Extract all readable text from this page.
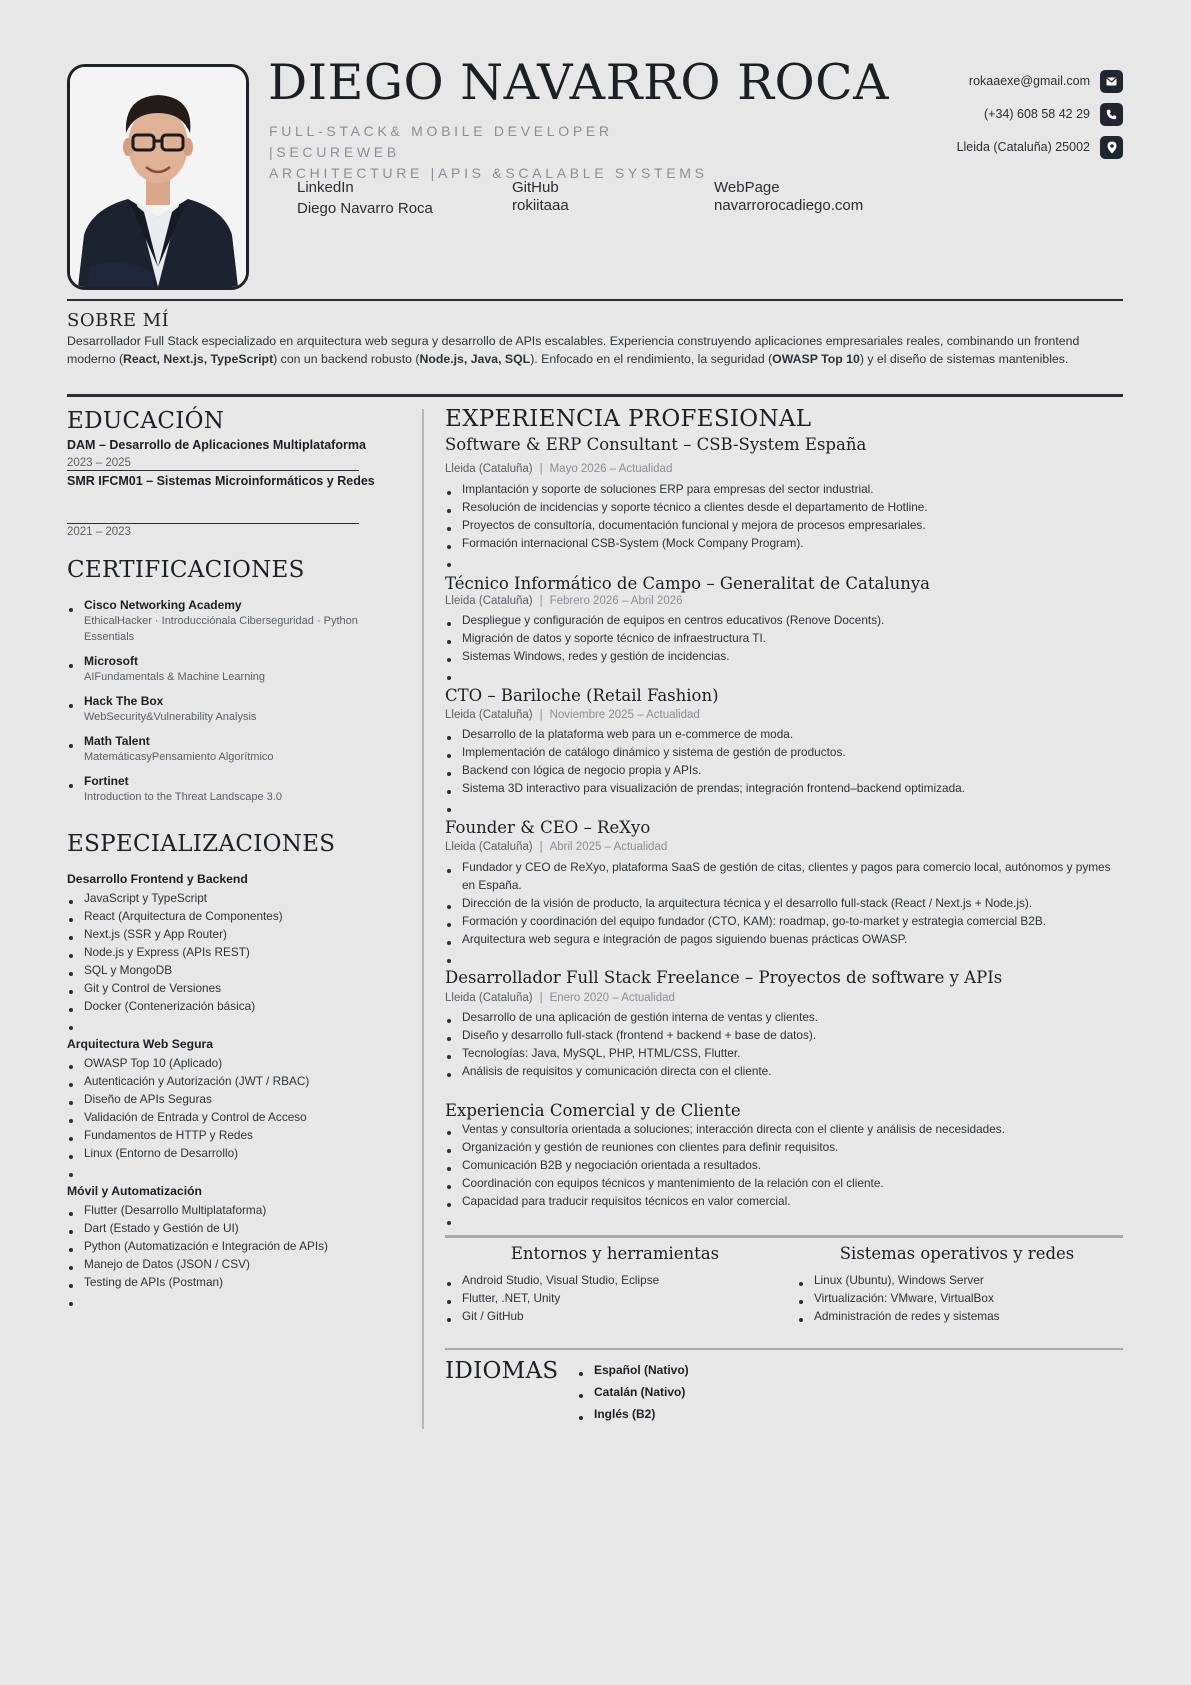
DIEGO NAVARRO ROCA
FULL-STACK& MOBILE DEVELOPER |SECUREWEB
ARCHITECTURE |APIS &SCALABLE SYSTEMS
LinkedIn
Diego Navarro Roca
GitHub
rokiitaaa
WebPage
navarrorocadiego.com
rokaaexe@gmail.com
(+34) 608 58 42 29
Lleida (Cataluña) 25002
SOBRE MÍ
Desarrollador Full Stack especializado en arquitectura web segura y desarrollo de APIs escalables. Experiencia construyendo aplicaciones empresariales reales, combinando un frontend moderno (React, Next.js, TypeScript) con un backend robusto (Node.js, Java, SQL). Enfocado en el rendimiento, la seguridad (OWASP Top 10) y el diseño de sistemas mantenibles.
EDUCACIÓN
DAM – Desarrollo de Aplicaciones Multiplataforma
2023 – 2025
SMR IFCM01 – Sistemas Microinformáticos y Redes
2021 – 2023
CERTIFICACIONES
Cisco Networking Academy
EthicalHacker · Introducciónala Ciberseguridad · Python Essentials
Microsoft
AIFundamentals & Machine Learning
Hack The Box
WebSecurity&Vulnerability Analysis
Math Talent
MatemáticasyPensamiento Algorítmico
Fortinet
Introduction to the Threat Landscape 3.0
ESPECIALIZACIONES
Desarrollo Frontend y Backend
JavaScript y TypeScript
React (Arquitectura de Componentes)
Next.js (SSR y App Router)
Node.js y Express (APIs REST)
SQL y MongoDB
Git y Control de Versiones
Docker (Contenerización básica)
Arquitectura Web Segura
OWASP Top 10 (Aplicado)
Autenticación y Autorización (JWT / RBAC)
Diseño de APIs Seguras
Validación de Entrada y Control de Acceso
Fundamentos de HTTP y Redes
Linux (Entorno de Desarrollo)
Móvil y Automatización
Flutter (Desarrollo Multiplataforma)
Dart (Estado y Gestión de UI)
Python (Automatización e Integración de APIs)
Manejo de Datos (JSON / CSV)
Testing de APIs (Postman)
EXPERIENCIA PROFESIONAL
Software & ERP Consultant – CSB-System España
Lleida (Cataluña) | Mayo 2026 – Actualidad
Implantación y soporte de soluciones ERP para empresas del sector industrial.
Resolución de incidencias y soporte técnico a clientes desde el departamento de Hotline.
Proyectos de consultoría, documentación funcional y mejora de procesos empresariales.
Formación internacional CSB-System (Mock Company Program).
Técnico Informático de Campo – Generalitat de Catalunya
Lleida (Cataluña) | Febrero 2026 – Abril 2026
Despliegue y configuración de equipos en centros educativos (Renove Docents).
Migración de datos y soporte técnico de infraestructura TI.
Sistemas Windows, redes y gestión de incidencias.
CTO – Bariloche (Retail Fashion)
Lleida (Cataluña) | Noviembre 2025 – Actualidad
Desarrollo de la plataforma web para un e-commerce de moda.
Implementación de catálogo dinámico y sistema de gestión de productos.
Backend con lógica de negocio propia y APIs.
Sistema 3D interactivo para visualización de prendas; integración frontend–backend optimizada.
Founder & CEO – ReXyo
Lleida (Cataluña) | Abril 2025 – Actualidad
Fundador y CEO de ReXyo, plataforma SaaS de gestión de citas, clientes y pagos para comercio local, autónomos y pymes en España.
Dirección de la visión de producto, la arquitectura técnica y el desarrollo full-stack (React / Next.js + Node.js).
Formación y coordinación del equipo fundador (CTO, KAM): roadmap, go-to-market y estrategia comercial B2B.
Arquitectura web segura e integración de pagos siguiendo buenas prácticas OWASP.
Desarrollador Full Stack Freelance – Proyectos de software y APIs
Lleida (Cataluña) | Enero 2020 – Actualidad
Desarrollo de una aplicación de gestión interna de ventas y clientes.
Diseño y desarrollo full-stack (frontend + backend + base de datos).
Tecnologías: Java, MySQL, PHP, HTML/CSS, Flutter.
Análisis de requisitos y comunicación directa con el cliente.
Experiencia Comercial y de Cliente
Ventas y consultoría orientada a soluciones; interacción directa con el cliente y análisis de necesidades.
Organización y gestión de reuniones con clientes para definir requisitos.
Comunicación B2B y negociación orientada a resultados.
Coordinación con equipos técnicos y mantenimiento de la relación con el cliente.
Capacidad para traducir requisitos técnicos en valor comercial.
Entornos y herramientas
Android Studio, Visual Studio, Eclipse
Flutter, .NET, Unity
Git / GitHub
Sistemas operativos y redes
Linux (Ubuntu), Windows Server
Virtualización: VMware, VirtualBox
Administración de redes y sistemas
IDIOMAS	Español (Nativo)
Catalán (Nativo)
Inglés (B2)
